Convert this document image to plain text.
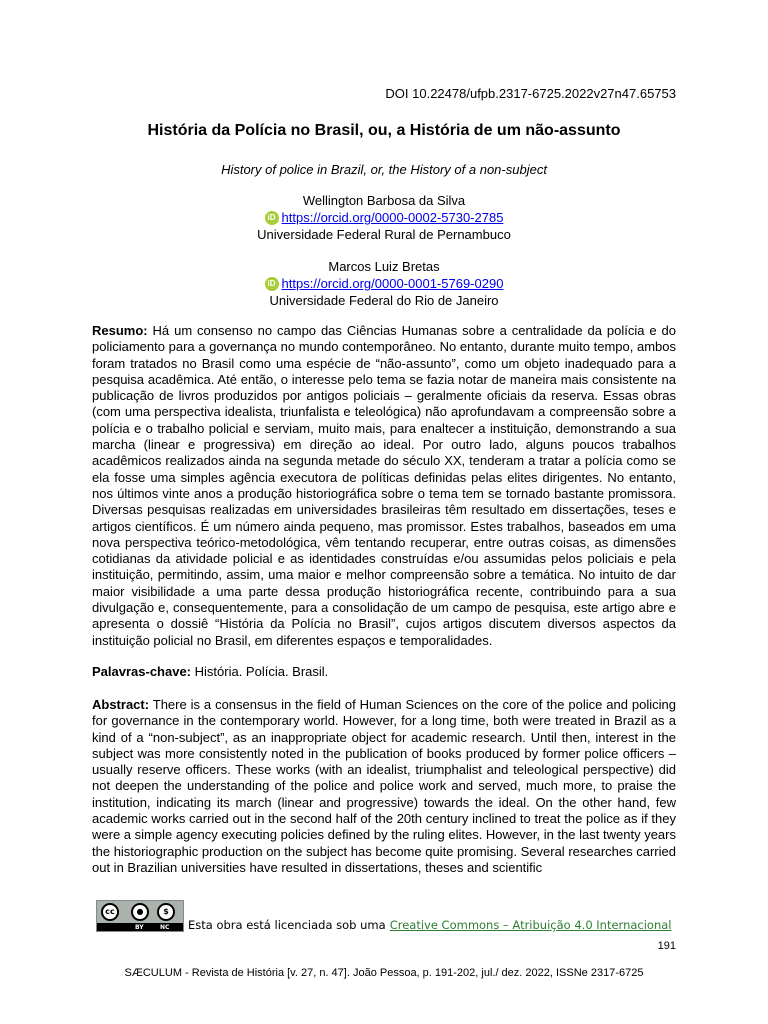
DOI 10.22478/ufpb.2317-6725.2022v27n47.65753
História da Polícia no Brasil, ou, a História de um não-assunto
History of police in Brazil, or, the History of a non-subject
Wellington Barbosa da Silva
iD https://orcid.org/0000-0002-5730-2785
Universidade Federal Rural de Pernambuco
Marcos Luiz Bretas
iD https://orcid.org/0000-0001-5769-0290
Universidade Federal do Rio de Janeiro

Resumo: Há um consenso no campo das Ciências Humanas sobre a centralidade da polícia e do policiamento para a governança no mundo contemporâneo. No entanto, durante muito tempo, ambos foram tratados no Brasil como uma espécie de “não-assunto”, como um objeto inadequado para a pesquisa acadêmica. Até então, o interesse pelo tema se fazia notar de maneira mais consistente na publicação de livros produzidos por antigos policiais – geralmente oficiais da reserva. Essas obras (com uma perspectiva idealista, triunfalista e teleológica) não aprofundavam a compreensão sobre a polícia e o trabalho policial e serviam, muito mais, para enaltecer a instituição, demonstrando a sua marcha (linear e progressiva) em direção ao ideal. Por outro lado, alguns poucos trabalhos acadêmicos realizados ainda na segunda metade do século XX, tenderam a tratar a polícia como se ela fosse uma simples agência executora de políticas definidas pelas elites dirigentes. No entanto, nos últimos vinte anos a produção historiográfica sobre o tema tem se tornado bastante promissora. Diversas pesquisas realizadas em universidades brasileiras têm resultado em dissertações, teses e artigos científicos. É um número ainda pequeno, mas promissor. Estes trabalhos, baseados em uma nova perspectiva teórico-metodológica, vêm tentando recuperar, entre outras coisas, as dimensões cotidianas da atividade policial e as identidades construídas e/ou assumidas pelos policiais e pela instituição, permitindo, assim, uma maior e melhor compreensão sobre a temática. No intuito de dar maior visibilidade a uma parte dessa produção historiográfica recente, contribuindo para a sua divulgação e, consequentemente, para a consolidação de um campo de pesquisa, este artigo abre e apresenta o dossiê “História da Polícia no Brasil”, cujos artigos discutem diversos aspectos da instituição policial no Brasil, em diferentes espaços e temporalidades.

Palavras-chave: História. Polícia. Brasil.

Abstract: There is a consensus in the field of Human Sciences on the core of the police and policing for governance in the contemporary world. However, for a long time, both were treated in Brazil as a kind of a “non-subject”, as an inappropriate object for academic research. Until then, interest in the subject was more consistently noted in the publication of books produced by former police officers – usually reserve officers. These works (with an idealist, triumphalist and teleological perspective) did not deepen the understanding of the police and police work and served, much more, to praise the institution, indicating its march (linear and progressive) towards the ideal. On the other hand, few academic works carried out in the second half of the 20th century inclined to treat the police as if they were a simple agency executing policies defined by the ruling elites. However, in the last twenty years the historiographic production on the subject has become quite promising. Several researches carried out in Brazilian universities have resulted in dissertations, theses and scientific

cc	●	$
BY	NC Esta obra está licenciada sob uma Creative Commons – Atribuição 4.0 Internacional
191
SÆCULUM - Revista de História [v. 27, n. 47]. João Pessoa, p. 191-202, jul./ dez. 2022, ISSNe 2317-6725
